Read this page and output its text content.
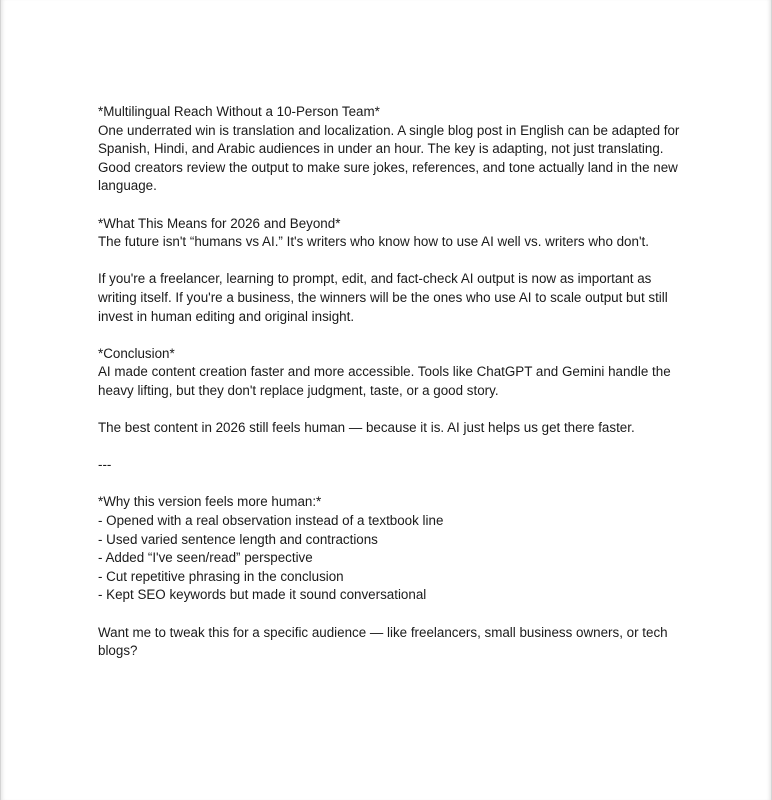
*Multilingual Reach Without a 10-Person Team*

One underrated win is translation and localization. A single blog post in English can be adapted for Spanish, Hindi, and Arabic audiences in under an hour. The key is adapting, not just translating. Good creators review the output to make sure jokes, references, and tone actually land in the new language.

*What This Means for 2026 and Beyond*

The future isn't “humans vs AI.” It's writers who know how to use AI well vs. writers who don't.

If you're a freelancer, learning to prompt, edit, and fact-check AI output is now as important as writing itself. If you're a business, the winners will be the ones who use AI to scale output but still invest in human editing and original insight.

*Conclusion*

AI made content creation faster and more accessible. Tools like ChatGPT and Gemini handle the heavy lifting, but they don't replace judgment, taste, or a good story.

The best content in 2026 still feels human — because it is. AI just helps us get there faster.

---

*Why this version feels more human:*

- Opened with a real observation instead of a textbook line

- Used varied sentence length and contractions

- Added “I've seen/read” perspective

- Cut repetitive phrasing in the conclusion

- Kept SEO keywords but made it sound conversational

Want me to tweak this for a specific audience — like freelancers, small business owners, or tech blogs?
